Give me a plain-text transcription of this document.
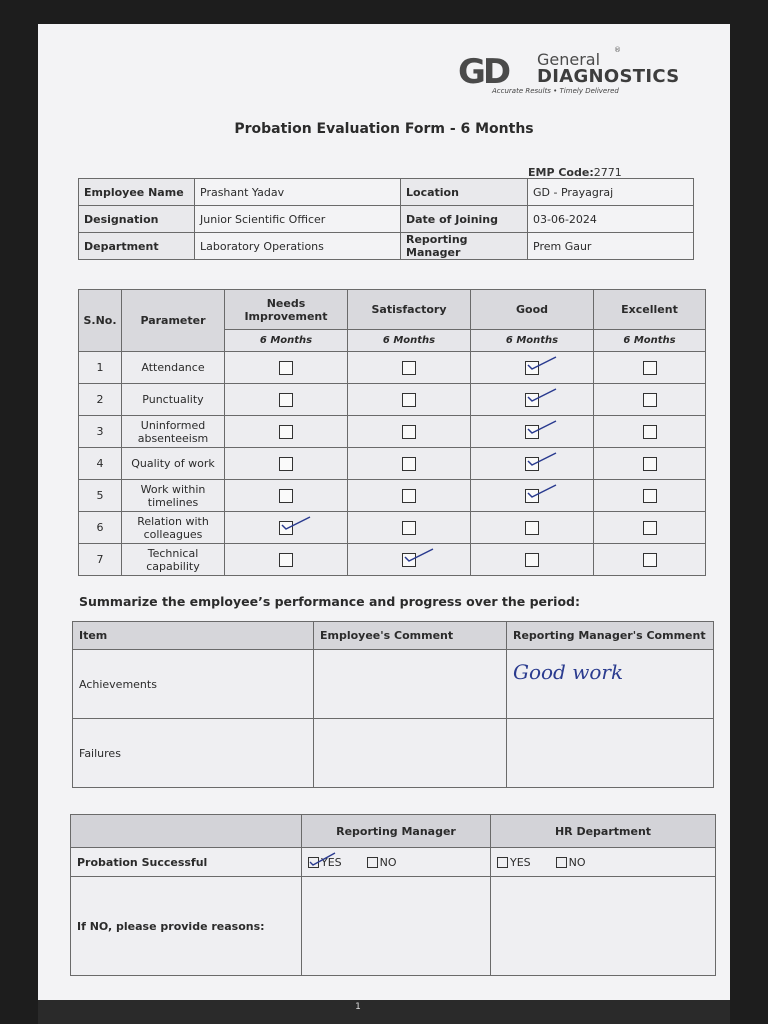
GD General ®
DIAGNOSTICS
Accurate Results • Timely Delivered
Probation Evaluation Form - 6 Months
EMP Code:2771
Employee Name	Prashant Yadav	Location	GD - Prayagraj
Designation	Junior Scientific Officer	Date of Joining	03-06-2024
Department	Laboratory Operations	Reporting Manager	Prem Gaur
S.No.	Parameter	Needs Improvement	Satisfactory	Good	Excellent
		6 Months	6 Months	6 Months	6 Months
1	Attendance			

2	Punctuality			

3	Uninformed absenteeism			

4	Quality of work			

5	Work within timelines			

6	Relation with colleagues	

7	Technical capability		

Summarize the employee’s performance and progress over the period:
Item	Employee's Comment	Reporting Manager's Comment
Achievements		Good work
Failures		
	Reporting Manager	HR Department
Probation Successful	YES NO	YES NO
If NO, please provide reasons:		
1
